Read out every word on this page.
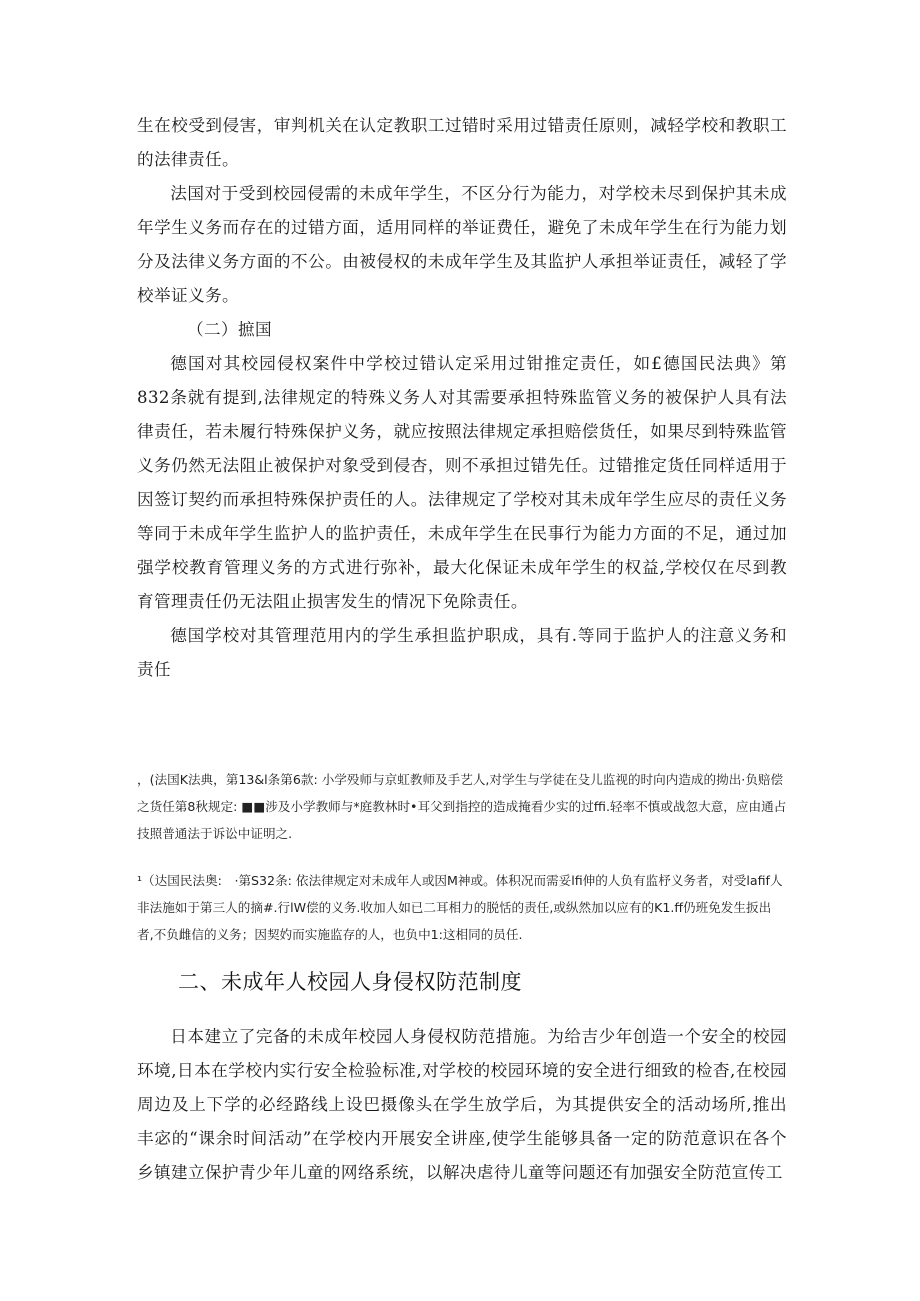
生在校受到侵害，审判机关在认定教职工过错时采用过错责任原则，减轻学校和教职工的法律责任。

法国对于受到校园侵需的未成年学生，不区分行为能力，对学校未尽到保护其未成年学生义务而存在的过错方面，适用同样的举证费任，避免了未成年学生在行为能力划分及法律义务方面的不公。由被侵权的未成年学生及其监护人承担举证责任，减轻了学校举证义务。

（二）摭国

德国对其校园侵权案件中学校过错认定采用过钳推定责任，如£德国民法典》第832条就有提到,法律规定的特殊义务人对其需要承担特殊监管义务的被保护人具有法律责任，若未履行特殊保护义务，就应按照法律规定承担赔偿货任，如果尽到特殊监管义务仍然无法阻止被保护对象受到侵杏，则不承担过错先任。过错推定货任同样适用于因签订契约而承担特殊保护责任的人。法律规定了学校对其未成年学生应尽的责任义务等同于未成年学生监护人的监护责任，未成年学生在民事行为能力方面的不足，通过加强学校教育管理义务的方式进行弥补，最大化保证未成年学生的权益,学校仅在尽到教育管理责任仍无法阻止损害发生的情况下免除责任。

德国学校对其管理范用内的学生承担监护职成，具有.等同于监护人的注意义务和责任

，(法国K法典，第13&l条第6款: 小学殁师与京虹教师及手艺人,对学生与学徒在殳儿监视的时向内造成的拗出·负赔偿之货任第8秋规定: ■■涉及小学教师与*庭教林时•耳父到指控的造成掩看少实的过ffi.轻率不慎或战忽大意，应由通占技照普通法于诉讼中证明之.

¹（达国民法奥:　·第S32条: 依法律规定对未成年人或因M神或。体积况而需妥lfi伸的人负有监杼义务者，对受lafif人非法施如于第三人的摘#.行lW偿的义务.收加人如已二耳相力的脱恬的责任,或纵然加以应有的K1.ff仍班免发生扳出者,不负雌信的义务；因契妁而实施监存的人，也负中1:这相同的员任.

二、未成年人校园人身侵权防范制度

日本建立了完备的未成年校园人身侵权防范措施。为给吉少年创造一个安全的校园环境,日本在学校内实行安全检验标准,对学校的校园环境的安全进行细致的检杳,在校园周边及上下学的必经路线上设巴摄像头在学生放学后，为其提供安全的活动场所,推出丰宓的“课余时间活动”在学校内开展安全讲座,使学生能够具备一定的防范意识在各个乡镇建立保护青少年儿童的网络系统，以解决虐待儿童等问题还有加强安全防范宣传工
